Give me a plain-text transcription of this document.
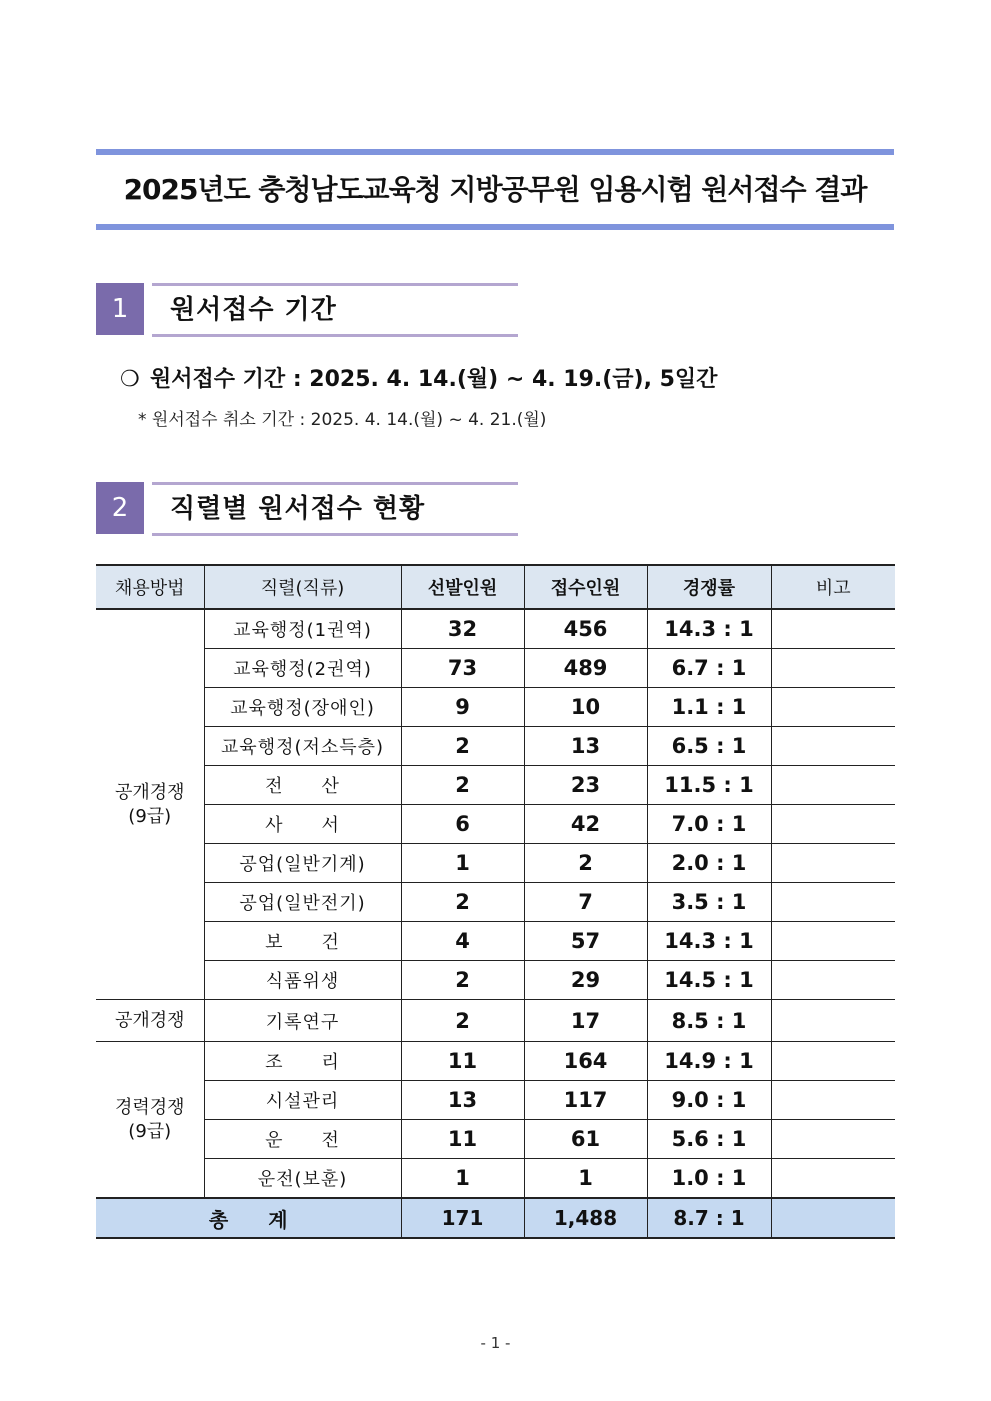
2025년도 충청남도교육청 지방공무원 임용시험 원서접수 결과
1	원서접수 기간
❍ 원서접수 기간 : 2025. 4. 14.(월) ~ 4. 19.(금), 5일간
* 원서접수 취소 기간 : 2025. 4. 14.(월) ~ 4. 21.(월)
2	직렬별 원서접수 현황
채용방법	직렬(직류)	선발인원	접수인원	경쟁률	비고

공개경쟁
(9급)	교육행정(1권역)	32	456	14.3 : 1	
	교육행정(2권역)	73	489	6.7 : 1	
	교육행정(장애인)	9	10	1.1 : 1	
	교육행정(저소득층)	2	13	6.5 : 1	
	전　　산	2	23	11.5 : 1	
	사　　서	6	42	7.0 : 1	
	공업(일반기계)	1	2	2.0 : 1	
	공업(일반전기)	2	7	3.5 : 1	
	보　　건	4	57	14.3 : 1	
	식품위생	2	29	14.5 : 1	

공개경쟁	기록연구	2	17	8.5 : 1	

경력경쟁
(9급)	조　　리	11	164	14.9 : 1	
	시설관리	13	117	9.0 : 1	
	운　　전	11	61	5.6 : 1	
	운전(보훈)	1	1	1.0 : 1	
총　　계		171	1,488	8.7 : 1	
- 1 -
